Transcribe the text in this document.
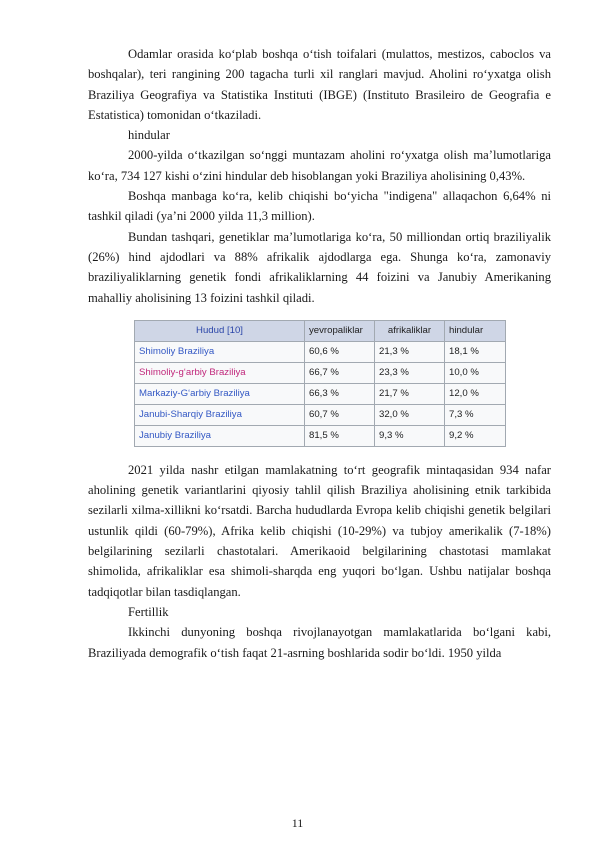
Odamlar orasida koʻplab boshqa oʻtish toifalari (mulattos, mestizos, caboclos va boshqalar), teri rangining 200 tagacha turli xil ranglari mavjud. Aholini roʻyxatga olish Braziliya Geografiya va Statistika Instituti (IBGE) (Instituto Brasileiro de Geografia e Estatistica) tomonidan oʻtkaziladi.

hindular

2000-yilda oʻtkazilgan soʻnggi muntazam aholini roʻyxatga olish maʼlumotlariga koʻra, 734 127 kishi oʻzini hindular deb hisoblangan yoki Braziliya aholisining 0,43%.

Boshqa manbaga koʻra, kelib chiqishi boʻyicha "indigena" allaqachon 6,64% ni tashkil qiladi (yaʼni 2000 yilda 11,3 million).

Bundan tashqari, genetiklar maʼlumotlariga koʻra, 50 milliondan ortiq braziliyalik (26%) hind ajdodlari va 88% afrikalik ajdodlarga ega. Shunga koʻra, zamonaviy braziliyaliklarning genetik fondi afrikaliklarning 44 foizini va Janubiy Amerikaning mahalliy aholisining 13 foizini tashkil qiladi.

Hudud [10]	yevropaliklar	afrikaliklar	hindular
Shimoliy Braziliya	60,6 %	21,3 %	18,1 %
Shimoliy-gʻarbiy Braziliya	66,7 %	23,3 %	10,0 %
Markaziy-Gʻarbiy Braziliya	66,3 %	21,7 %	12,0 %
Janubi-Sharqiy Braziliya	60,7 %	32,0 %	7,3 %
Janubiy Braziliya	81,5 %	9,3 %	9,2 %

2021 yilda nashr etilgan mamlakatning toʻrt geografik mintaqasidan 934 nafar aholining genetik variantlarini qiyosiy tahlil qilish Braziliya aholisining etnik tarkibida sezilarli xilma-xillikni koʻrsatdi. Barcha hududlarda Evropa kelib chiqishi genetik belgilari ustunlik qildi (60-79%), Afrika kelib chiqishi (10-29%) va tubjoy amerikalik (7-18%) belgilarining sezilarli chastotalari. Amerikaoid belgilarining chastotasi mamlakat shimolida, afrikaliklar esa shimoli-sharqda eng yuqori boʻlgan. Ushbu natijalar boshqa tadqiqotlar bilan tasdiqlangan.

Fertillik

Ikkinchi dunyoning boshqa rivojlanayotgan mamlakatlarida boʻlgani kabi, Braziliyada demografik oʻtish faqat 21-asrning boshlarida sodir boʻldi. 1950 yilda

11
